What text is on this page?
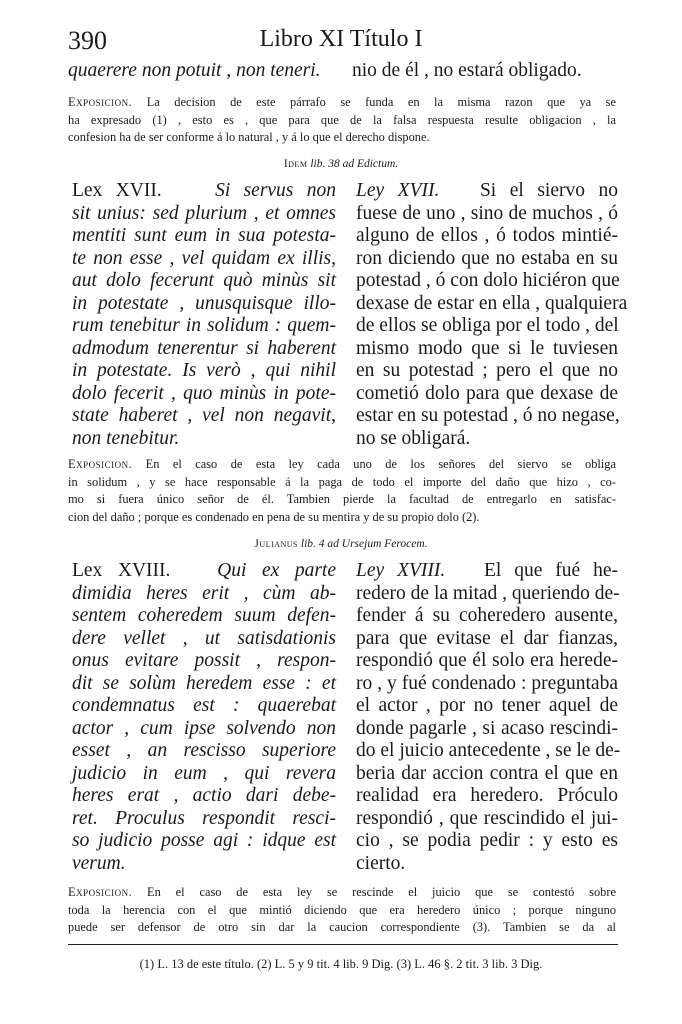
390	Libro XI Título I
quaerere non potuit , non teneri. nio de él , no estará obligado.
Exposicion. La decision de este párrafo se funda en la misma razon que ya se
ha expresado (1) , esto es , que para que de la falsa respuesta resulte obligacion , la
confesion ha de ser conforme á lo natural , y á lo que el derecho dispone.
Idem lib. 38 ad Edictum.
Lex XVII.	Si servus non
sit unius: sed plurium , et omnes
mentiti sunt eum in sua potesta-
te non esse , vel quidam ex illis,
aut dolo fecerunt quò minùs sit
in potestate , unusquisque illo-
rum tenebitur in solidum : quem-
admodum tenerentur si haberent
in potestate. Is verò , qui nihil
dolo fecerit , quo minùs in pote-
state haberet , vel non negavit,
non tenebitur.
Ley XVII. Si el siervo no
fuese de uno , sino de muchos , ó
alguno de ellos , ó todos mintié-
ron diciendo que no estaba en su
potestad , ó con dolo hiciéron que
dexase de estar en ella , qualquiera
de ellos se obliga por el todo , del
mismo modo que si le tuviesen
en su potestad ; pero el que no
cometió dolo para que dexase de
estar en su potestad , ó no negase,
no se obligará.
Exposicion. En el caso de esta ley cada uno de los señores del siervo se obliga
in solidum , y se hace responsable á la paga de todo el importe del daño que hizo , co-
mo si fuera único señor de él. Tambien pierde la facultad de entregarlo en satisfac-
cion del daño ; porque es condenado en pena de su mentira y de su propio dolo (2).
Julianus lib. 4 ad Ursejum Ferocem.
Lex XVIII. Qui ex parte
dimidia heres erit , cùm ab-
sentem coheredem suum defen-
dere vellet , ut satisdationis
onus evitare possit , respon-
dit se solùm heredem esse : et
condemnatus est : quaerebat
actor , cum ipse solvendo non
esset , an rescisso superiore
judicio in eum , qui revera
heres erat , actio dari debe-
ret. Proculus respondit resci-
so judicio posse agi : idque est
verum.
Ley XVIII. El que fué he-
redero de la mitad , queriendo de-
fender á su coheredero ausente,
para que evitase el dar fianzas,
respondió que él solo era herede-
ro , y fué condenado : preguntaba
el actor , por no tener aquel de
donde pagarle , si acaso rescindi-
do el juicio antecedente , se le de-
beria dar accion contra el que en
realidad era heredero. Próculo
respondió , que rescindido el jui-
cio , se podia pedir : y esto es
cierto.
Exposicion. En el caso de esta ley se rescinde el juicio que se contestó sobre
toda la herencia con el que mintió diciendo que era heredero único ; porque ninguno
puede ser defensor de otro sin dar la caucion correspondiente (3). Tambien se da al
(1) L. 13 de este título. (2) L. 5 y 9 tit. 4 lib. 9 Dig. (3) L. 46 §. 2 tit. 3 lib. 3 Dig.
